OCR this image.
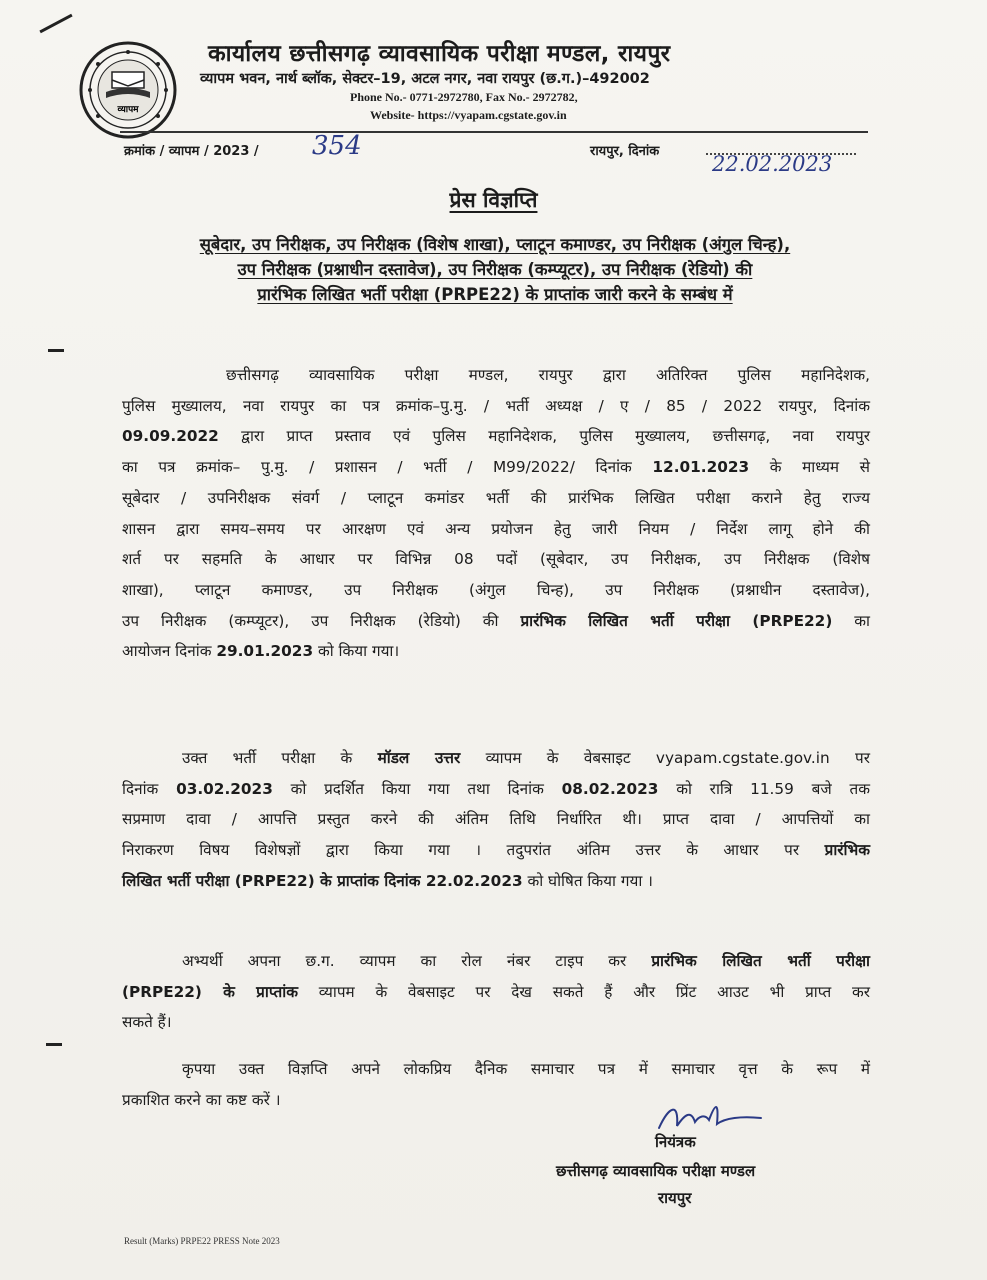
व्यापम
कार्यालय छत्तीसगढ़ व्यावसायिक परीक्षा मण्डल, रायपुर
व्यापम भवन, नार्थ ब्लॉक, सेक्टर–19, अटल नगर, नवा रायपुर (छ.ग.)–492002
Phone No.- 0771-2972780, Fax No.- 2972782,
Website- https://vyapam.cgstate.gov.in
क्रमांक / व्यापम / 2023 / 354	रायपुर, दिनांक
22.02.2023
प्रेस विज्ञप्ति
सूबेदार, उप निरीक्षक, उप निरीक्षक (विशेष शाखा), प्लाटून कमाण्डर, उप निरीक्षक (अंगुल चिन्ह),
उप निरीक्षक (प्रश्नाधीन दस्तावेज), उप निरीक्षक (कम्प्यूटर), उप निरीक्षक (रेडियो) की
प्रारंभिक लिखित भर्ती परीक्षा (PRPE22) के प्राप्तांक जारी करने के सम्बंध में
छत्तीसगढ़ व्यावसायिक परीक्षा मण्डल, रायपुर द्वारा अतिरिक्त पुलिस महानिदेशक,
पुलिस मुख्यालय, नवा रायपुर का पत्र क्रमांक–पु.मु. / भर्ती अध्यक्ष / ए / 85 / 2022 रायपुर, दिनांक
09.09.2022 द्वारा प्राप्त प्रस्ताव एवं पुलिस महानिदेशक, पुलिस मुख्यालय, छत्तीसगढ़, नवा रायपुर
का पत्र क्रमांक– पु.मु. / प्रशासन / भर्ती / M99/2022/ दिनांक 12.01.2023 के माध्यम से
सूबेदार / उपनिरीक्षक संवर्ग / प्लाटून कमांडर भर्ती की प्रारंभिक लिखित परीक्षा कराने हेतु राज्य
शासन द्वारा समय–समय पर आरक्षण एवं अन्य प्रयोजन हेतु जारी नियम / निर्देश लागू होने की
शर्त पर सहमति के आधार पर विभिन्न 08 पदों (सूबेदार, उप निरीक्षक, उप निरीक्षक (विशेष
शाखा), प्लाटून कमाण्डर, उप निरीक्षक (अंगुल चिन्ह), उप निरीक्षक (प्रश्नाधीन दस्तावेज),
उप निरीक्षक (कम्प्यूटर), उप निरीक्षक (रेडियो) की प्रारंभिक लिखित भर्ती परीक्षा (PRPE22) का
आयोजन दिनांक 29.01.2023 को किया गया।
उक्त भर्ती परीक्षा के मॉडल उत्तर व्यापम के वेबसाइट vyapam.cgstate.gov.in पर
दिनांक 03.02.2023 को प्रदर्शित किया गया तथा दिनांक 08.02.2023 को रात्रि 11.59 बजे तक
सप्रमाण दावा / आपत्ति प्रस्तुत करने की अंतिम तिथि निर्धारित थी। प्राप्त दावा / आपत्तियों का
निराकरण विषय विशेषज्ञों द्वारा किया गया । तदुपरांत अंतिम उत्तर के आधार पर प्रारंभिक
लिखित भर्ती परीक्षा (PRPE22) के प्राप्तांक दिनांक 22.02.2023 को घोषित किया गया ।
अभ्यर्थी अपना छ.ग. व्यापम का रोल नंबर टाइप कर प्रारंभिक लिखित भर्ती परीक्षा
(PRPE22) के प्राप्तांक व्यापम के वेबसाइट पर देख सकते हैं और प्रिंट आउट भी प्राप्त कर
सकते हैं।
कृपया उक्त विज्ञप्ति अपने लोकप्रिय दैनिक समाचार पत्र में समाचार वृत्त के रूप में
प्रकाशित करने का कष्ट करें ।
नियंत्रक
छत्तीसगढ़ व्यावसायिक परीक्षा मण्डल
रायपुर
Result (Marks) PRPE22 PRESS Note 2023
